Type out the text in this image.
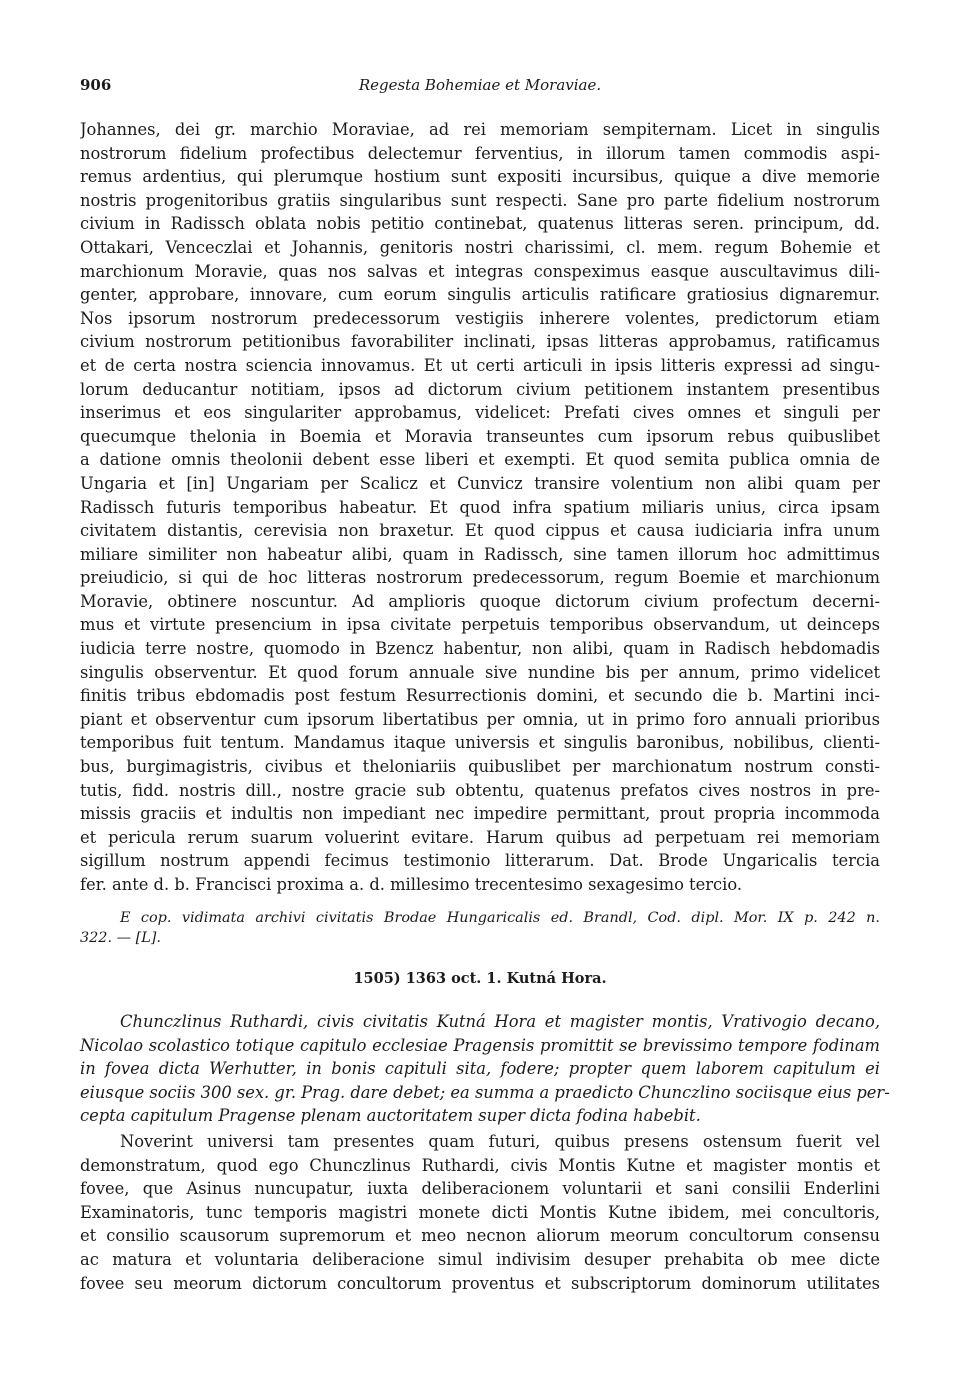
906	Regesta Bohemiae et Moraviae.
Johannes, dei gr. marchio Moraviae, ad rei memoriam sempiternam. Licet in singulis
nostrorum fidelium profectibus delectemur ferventius, in illorum tamen commodis aspi-
remus ardentius, qui plerumque hostium sunt expositi incursibus, quique a dive memorie
nostris progenitoribus gratiis singularibus sunt respecti. Sane pro parte fidelium nostrorum
civium in Radissch oblata nobis petitio continebat, quatenus litteras seren. principum, dd.
Ottakari, Venceczlai et Johannis, genitoris nostri charissimi, cl. mem. regum Bohemie et
marchionum Moravie, quas nos salvas et integras conspeximus easque auscultavimus dili-
genter, approbare, innovare, cum eorum singulis articulis ratificare gratiosius dignaremur.
Nos ipsorum nostrorum predecessorum vestigiis inherere volentes, predictorum etiam
civium nostrorum petitionibus favorabiliter inclinati, ipsas litteras approbamus, ratificamus
et de certa nostra sciencia innovamus. Et ut certi articuli in ipsis litteris expressi ad singu-
lorum deducantur notitiam, ipsos ad dictorum civium petitionem instantem presentibus
inserimus et eos singulariter approbamus, videlicet: Prefati cives omnes et singuli per
quecumque thelonia in Boemia et Moravia transeuntes cum ipsorum rebus quibuslibet
a datione omnis theolonii debent esse liberi et exempti. Et quod semita publica omnia de
Ungaria et [in] Ungariam per Scalicz et Cunvicz transire volentium non alibi quam per
Radissch futuris temporibus habeatur. Et quod infra spatium miliaris unius, circa ipsam
civitatem distantis, cerevisia non braxetur. Et quod cippus et causa iudiciaria infra unum
miliare similiter non habeatur alibi, quam in Radissch, sine tamen illorum hoc admittimus
preiudicio, si qui de hoc litteras nostrorum predecessorum, regum Boemie et marchionum
Moravie, obtinere noscuntur. Ad amplioris quoque dictorum civium profectum decerni-
mus et virtute presencium in ipsa civitate perpetuis temporibus observandum, ut deinceps
iudicia terre nostre, quomodo in Bzencz habentur, non alibi, quam in Radisch hebdomadis
singulis observentur. Et quod forum annuale sive nundine bis per annum, primo videlicet
finitis tribus ebdomadis post festum Resurrectionis domini, et secundo die b. Martini inci-
piant et observentur cum ipsorum libertatibus per omnia, ut in primo foro annuali prioribus
temporibus fuit tentum. Mandamus itaque universis et singulis baronibus, nobilibus, clienti-
bus, burgimagistris, civibus et theloniariis quibuslibet per marchionatum nostrum consti-
tutis, fidd. nostris dill., nostre gracie sub obtentu, quatenus prefatos cives nostros in pre-
missis graciis et indultis non impediant nec impedire permittant, prout propria incommoda
et pericula rerum suarum voluerint evitare. Harum quibus ad perpetuam rei memoriam
sigillum nostrum appendi fecimus testimonio litterarum. Dat. Brode Ungaricalis tercia
fer. ante d. b. Francisci proxima a. d. millesimo trecentesimo sexagesimo tercio.
E cop. vidimata archivi civitatis Brodae Hungaricalis ed. Brandl, Cod. dipl. Mor. IX p. 242 n.
322. — [L].
1505) 1363 oct. 1. Kutná Hora.
Chunczlinus Ruthardi, civis civitatis Kutná Hora et magister montis, Vrativogio decano,
Nicolao scolastico totique capitulo ecclesiae Pragensis promittit se brevissimo tempore fodinam
in fovea dicta Werhutter, in bonis capituli sita, fodere; propter quem laborem capitulum ei
eiusque sociis 300 sex. gr. Prag. dare debet; ea summa a praedicto Chunczlino sociisque eius per-
cepta capitulum Pragense plenam auctoritatem super dicta fodina habebit.
Noverint universi tam presentes quam futuri, quibus presens ostensum fuerit vel
demonstratum, quod ego Chunczlinus Ruthardi, civis Montis Kutne et magister montis et
fovee, que Asinus nuncupatur, iuxta deliberacionem voluntarii et sani consilii Enderlini
Examinatoris, tunc temporis magistri monete dicti Montis Kutne ibidem, mei concultoris,
et consilio scausorum supremorum et meo necnon aliorum meorum concultorum consensu
ac matura et voluntaria deliberacione simul indivisim desuper prehabita ob mee dicte
fovee seu meorum dictorum concultorum proventus et subscriptorum dominorum utilitates
